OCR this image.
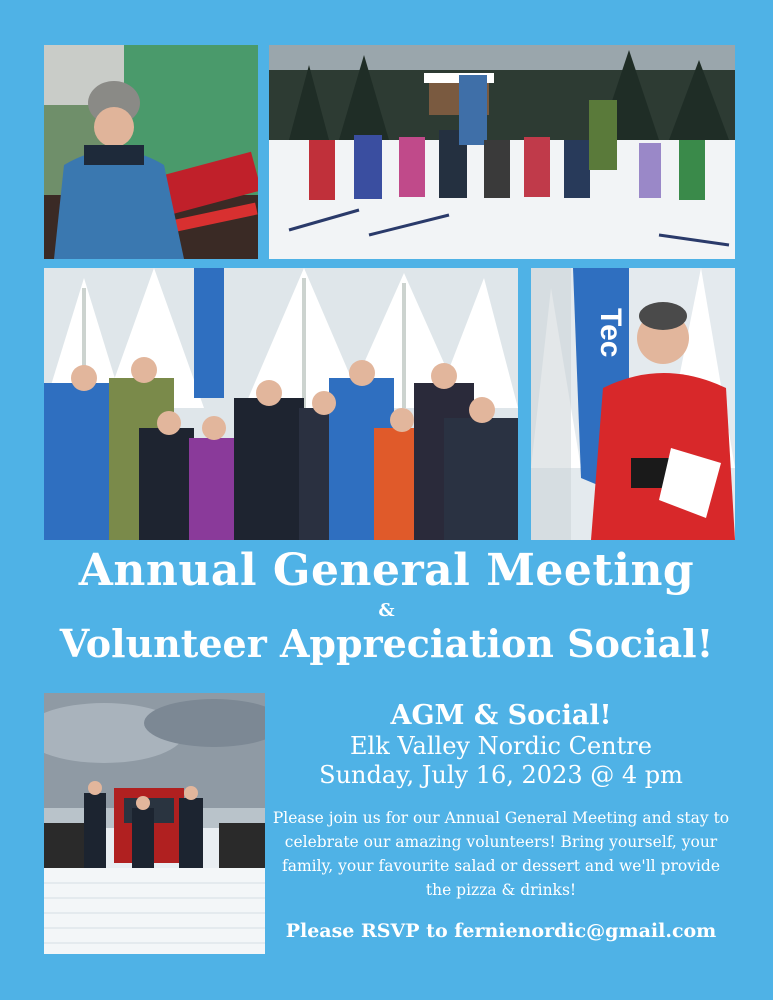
Tec
Annual General Meeting
&
Volunteer Appreciation Social!

AGM & Social!

Elk Valley Nordic Centre

Sunday, July 16, 2023 @ 4 pm

Please join us for our Annual General Meeting and stay to celebrate our amazing volunteers! Bring yourself, your family, your favourite salad or dessert and we'll provide the pizza & drinks!

Please RSVP to fernienordic@gmail.com
